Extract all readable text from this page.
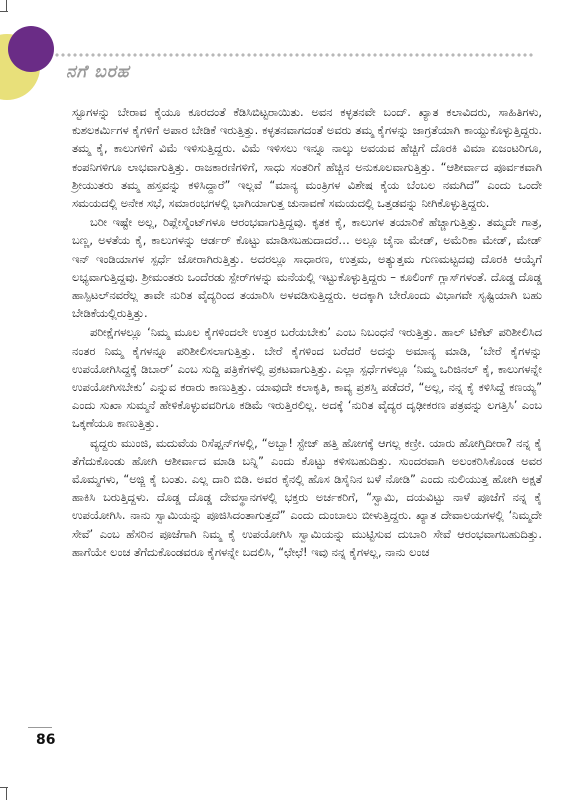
ನಗೆ ಬರಹ

ಸ್ಟೂಗಳನ್ನು ಬೇರಾವ ಕೈಯೂ ಕೂರದಂತೆ ಕೆಡಿಸಿಬಿಟ್ಟರಾಯಿತು. ಅವನ ಕಳ್ಳತನವೇ ಬಂದ್. ಖ್ಯಾತ ಕಲಾವಿದರು, ಸಾಹಿತಿಗಳು, ಕುಶಲಕರ್ಮಿಗಳ ಕೈಗಳಿಗೆ ಅಪಾರ ಬೇಡಿಕೆ ಇರುತ್ತಿತ್ತು. ಕಳ್ಳತನವಾಗದಂತೆ ಅವರು ತಮ್ಮ ಕೈಗಳನ್ನು ಜಾಗ್ರತೆಯಾಗಿ ಕಾಯ್ದುಕೊಳ್ಳುತ್ತಿದ್ದರು. ತಮ್ಮ ಕೈ, ಕಾಲುಗಳಿಗೆ ವಿಮೆ ಇಳಿಸುತ್ತಿದ್ದರು. ವಿಮೆ ಇಳಿಸಲು ಇನ್ನೂ ನಾಲ್ಕು ಅವಯವ ಹೆಚ್ಚಿಗೆ ದೊರಕಿ ವಿಮಾ ಏಜಂಟರಿಗೂ, ಕಂಪನಿಗಳಿಗೂ ಲಾಭವಾಗುತ್ತಿತ್ತು. ರಾಜಕಾರಣಿಗಳಿಗೆ, ಸಾಧು ಸಂತರಿಗೆ ಹೆಚ್ಚಿನ ಅನುಕೂಲವಾಗುತ್ತಿತ್ತು. “ಆಶೀರ್ವಾದ ಪೂರ್ವಕವಾಗಿ ಶ್ರೀಯುತರು ತಮ್ಮ ಹಸ್ತವನ್ನು ಕಳಿಸಿದ್ದಾರೆ” ಇಲ್ಲವೆ “ಮಾನ್ಯ ಮಂತ್ರಿಗಳ ವಿಶೇಷ ಕೈಯ ಬೆಂಬಲ ನಮಗಿದೆ” ಎಂದು ಒಂದೇ ಸಮಯದಲ್ಲಿ ಅನೇಕ ಸಭೆ, ಸಮಾರಂಭಗಳಲ್ಲಿ ಭಾಗಿಯಾಗುತ್ತ ಚುನಾವಣೆ ಸಮಯದಲ್ಲಿ ಒತ್ತಡವನ್ನು ನೀಗಿಕೊಳ್ಳುತ್ತಿದ್ದರು.

ಬರೀ ಇಷ್ಟೇ ಅಲ್ಲ, ರಿಪ್ಲೇಸ್ಮೆಂಟ್‌ಗಳೂ ಆರಂಭವಾಗುತ್ತಿದ್ದವು. ಕೃತಕ ಕೈ, ಕಾಲುಗಳ ತಯಾರಿಕೆ ಹೆಚ್ಚಾಗುತ್ತಿತ್ತು. ತಮ್ಮದೇ ಗಾತ್ರ, ಬಣ್ಣ, ಅಳತೆಯ ಕೈ, ಕಾಲುಗಳನ್ನು ಆರ್ಡರ್ ಕೊಟ್ಟು ಮಾಡಿಸಬಹುದಾದರೆ… ಅಲ್ಲೂ ಚೈನಾ ಮೇಡ್, ಅಮೆರಿಕಾ ಮೇಡ್, ಮೇಡ್ ಇನ್ ಇಂಡಿಯಾಗಳ ಸ್ಪರ್ಧೆ ಜೋರಾಗಿರುತ್ತಿತ್ತು. ಅದರಲ್ಲೂ ಸಾಧಾರಣ, ಉತ್ತಮ, ಅತ್ಯುತ್ತಮ ಗುಣಮಟ್ಟದವು ದೊರಕಿ ಆಯ್ಕೆಗೆ ಲಭ್ಯವಾಗುತ್ತಿದ್ದವು. ಶ್ರೀಮಂತರು ಒಂದೆರಡು ಸ್ಪೇರ್‌ಗಳನ್ನು ಮನೆಯಲ್ಲಿ ಇಟ್ಟುಕೊಳ್ಳುತ್ತಿದ್ದರು – ಕೂಲಿಂಗ್ ಗ್ಲಾಸ್‌ಗಳಂತೆ. ದೊಡ್ಡ ದೊಡ್ಡ ಹಾಸ್ಪಿಟಲ್‌ನವರೆಲ್ಲ ತಾವೇ ನುರಿತ ವೈದ್ಯರಿಂದ ತಯಾರಿಸಿ ಅಳವಡಿಸುತ್ತಿದ್ದರು. ಅದಕ್ಕಾಗಿ ಬೇರೊಂದು ವಿಭಾಗವೇ ಸೃಷ್ಟಿಯಾಗಿ ಬಹು ಬೇಡಿಕೆಯಲ್ಲಿರುತ್ತಿತ್ತು.

ಪರೀಕ್ಷೆಗಳಲ್ಲೂ ‘ನಿಮ್ಮ ಮೂಲ ಕೈಗಳಿಂದಲೇ ಉತ್ತರ ಬರೆಯಬೇಕು’ ಎಂಬ ನಿಬಂಧನೆ ಇರುತ್ತಿತ್ತು. ಹಾಲ್ ಟಿಕೆಟ್ ಪರಿಶೀಲಿಸಿದ ನಂತರ ನಿಮ್ಮ ಕೈಗಳನ್ನೂ ಪರಿಶೀಲಿಸಲಾಗುತ್ತಿತ್ತು. ಬೇರೆ ಕೈಗಳಿಂದ ಬರೆದರೆ ಅದನ್ನು ಅಮಾನ್ಯ ಮಾಡಿ, ‘ಬೇರೆ ಕೈಗಳನ್ನು ಉಪಯೋಗಿಸಿದ್ದಕ್ಕೆ ಡಿಬಾರ್’ ಎಂಬ ಸುದ್ದಿ ಪತ್ರಿಕೆಗಳಲ್ಲಿ ಪ್ರಕಟವಾಗುತ್ತಿತ್ತು. ಎಲ್ಲಾ ಸ್ಪರ್ಧೆಗಳಲ್ಲೂ ‘ನಿಮ್ಮ ಒರಿಜಿನಲ್ ಕೈ, ಕಾಲುಗಳನ್ನೇ ಉಪಯೋಗಿಸಬೇಕು’ ಎನ್ನುವ ಕರಾರು ಕಾಣುತ್ತಿತ್ತು. ಯಾವುದೇ ಕಲಾಕೃತಿ, ಕಾವ್ಯ ಪ್ರಶಸ್ತಿ ಪಡೆದರೆ, “ಅಲ್ಲ, ನನ್ನ ಕೈ ಕಳಿಸಿದ್ದೆ ಕಣಯ್ಯ” ಎಂದು ಸುಖಾ ಸುಮ್ಮನೆ ಹೇಳಿಕೊಳ್ಳುವವರಿಗೂ ಕಡಿಮೆ ಇರುತ್ತಿರಲಿಲ್ಲ. ಅದಕ್ಕೆ ‘ನುರಿತ ವೈದ್ಯರ ದೃಢೀಕರಣ ಪತ್ರವನ್ನು ಲಗತ್ತಿಸಿ’ ಎಂಬ ಒಕ್ಕಣೆಯೂ ಕಾಣುತ್ತಿತ್ತು.

ವ್ಯದ್ದರು ಮುಂಜಿ, ಮದುವೆಯ ರಿಸೆಪ್ಷನ್‌ಗಳಲ್ಲಿ, “ಅಬ್ಬಾ! ಸ್ಟೇಜ್ ಹತ್ತಿ ಹೋಗಕ್ಕೆ ಆಗಲ್ಲ ಕಣ್ರೀ. ಯಾರು ಹೋಗ್ತಿದೀರಾ? ನನ್ನ ಕೈ ತೆಗೆದುಕೊಂಡು ಹೋಗಿ ಆಶೀರ್ವಾದ ಮಾಡಿ ಬನ್ನಿ” ಎಂದು ಕೊಟ್ಟು ಕಳಿಸಬಹುದಿತ್ತು. ಸುಂದರವಾಗಿ ಅಲಂಕರಿಸಿಕೊಂಡ ಅವರ ಮೊಮ್ಮಗಳು, “ಅಜ್ಜಿ ಕೈ ಬಂತು. ಎಲ್ಲ ದಾರಿ ಬಿಡಿ. ಅವರ ಕೈನಲ್ಲಿ ಹೊಸ ಡಿಸೈನಿನ ಬಳೆ ನೋಡಿ” ಎಂದು ನುಲಿಯುತ್ತ ಹೋಗಿ ಅಕ್ಷತೆ ಹಾಕಿಸಿ ಬರುತ್ತಿದ್ದಳು. ದೊಡ್ಡ ದೊಡ್ಡ ದೇವಸ್ಥಾನಗಳಲ್ಲಿ ಭಕ್ತರು ಅರ್ಚಕರಿಗೆ, “ಸ್ವಾಮಿ, ದಯವಿಟ್ಟು ನಾಳೆ ಪೂಜೆಗೆ ನನ್ನ ಕೈ ಉಪಯೋಗಿಸಿ. ನಾನು ಸ್ವಾಮಿಯನ್ನು ಪೂಜಿಸಿದಂತಾಗುತ್ತದೆ” ಎಂದು ದುಂಬಾಲು ಬೀಳುತ್ತಿದ್ದರು. ಖ್ಯಾತ ದೇವಾಲಯಗಳಲ್ಲಿ ‘ನಿಮ್ಮದೇ ಸೇವೆ’ ಎಂಬ ಹೆಸರಿನ ಪೂಜೆಗಾಗಿ ನಿಮ್ಮ ಕೈ ಉಪಯೋಗಿಸಿ ಸ್ವಾಮಿಯನ್ನು ಮುಟ್ಟಿಸುವ ದುಬಾರಿ ಸೇವೆ ಆರಂಭವಾಗಬಹುದಿತ್ತು. ಹಾಗೆಯೇ ಲಂಚ ತೆಗೆದುಕೊಂಡವರೂ ಕೈಗಳನ್ನೇ ಬದಲಿಸಿ, “ಛೇಛೆ! ಇವು ನನ್ನ ಕೈಗಳಲ್ಲ, ನಾನು ಲಂಚ

86
